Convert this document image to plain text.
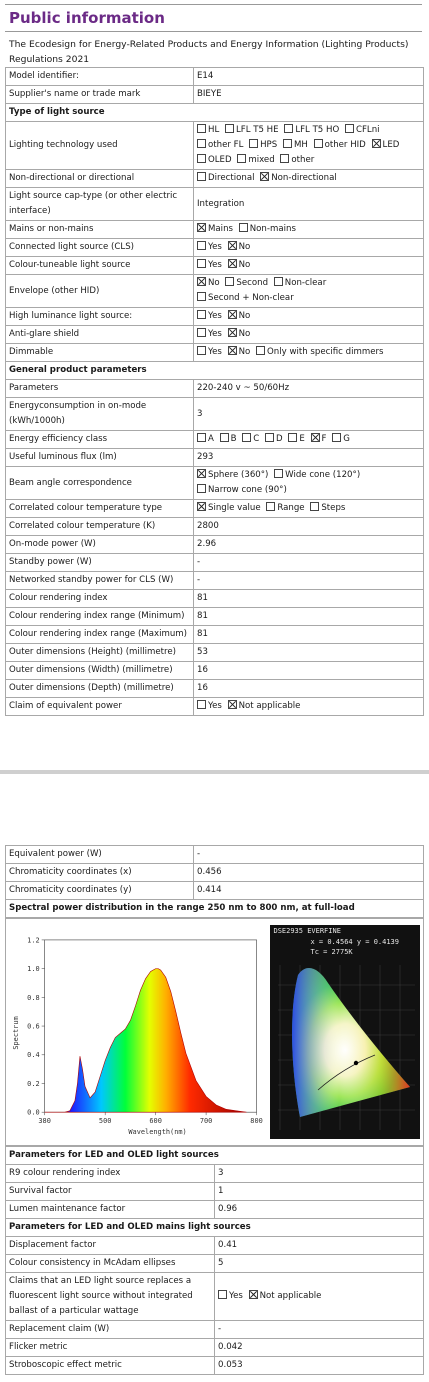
Public information
The Ecodesign for Energy-Related Products and Energy Information (Lighting Products) Regulations 2021
Model identifier:	E14
Supplier's name or trade mark	BIEYE
Type of light source	
Lighting technology used	HL LFL T5 HE LFL T5 HO CFLni other FL HPS MH other HID LED OLED mixed other
Non-directional or directional	Directional Non-directional
Light source cap-type (or other electric interface)	Integration
Mains or non-mains	Mains Non-mains
Connected light source (CLS)	Yes No
Colour-tuneable light source	Yes No
Envelope (other HID)	No Second Non-clear Second + Non-clear
High luminance light source:	Yes No
Anti-glare shield	Yes No
Dimmable	Yes No Only with specific dimmers
General product parameters	
Parameters	220-240 v ~ 50/60Hz
Energyconsumption in on-mode (kWh/1000h)	3
Energy efficiency class	A B C D E F G
Useful luminous flux (lm)	293
Beam angle correspondence	Sphere (360°) Wide cone (120°) Narrow cone (90°)
Correlated colour temperature type	Single value Range Steps
Correlated colour temperature (K)	2800
On-mode power (W)	2.96
Standby power (W)	-
Networked standby power for CLS (W)	-
Colour rendering index	81
Colour rendering index range (Minimum)	81
Colour rendering index range (Maximum)	81
Outer dimensions (Height) (millimetre)	53
Outer dimensions (Width) (millimetre)	16
Outer dimensions (Depth) (millimetre)	16
Claim of equivalent power	Yes Not applicable
Equivalent power (W)	-
Chromaticity coordinates (x)	0.456
Chromaticity coordinates (y)	0.414
Spectral power distribution in the range 250 nm to 800 nm, at full-load	
0.0
0.2
0.4
0.6
0.8
1.0
1.2
380	500	600	700	800
Wavelength(nm)
Spectrum
DSE2935 EVERFINE
x = 0.4564 y = 0.4139
Tc = 2775K
Parameters for LED and OLED light sources	
R9 colour rendering index	3
Survival factor	1
Lumen maintenance factor	0.96
Parameters for LED and OLED mains light sources	
Displacement factor	0.41
Colour consistency in McAdam ellipses	5
Claims that an LED light source replaces a fluorescent light source without integrated ballast of a particular wattage	Yes Not applicable
Replacement claim (W)	-
Flicker metric	0.042
Stroboscopic effect metric	0.053
